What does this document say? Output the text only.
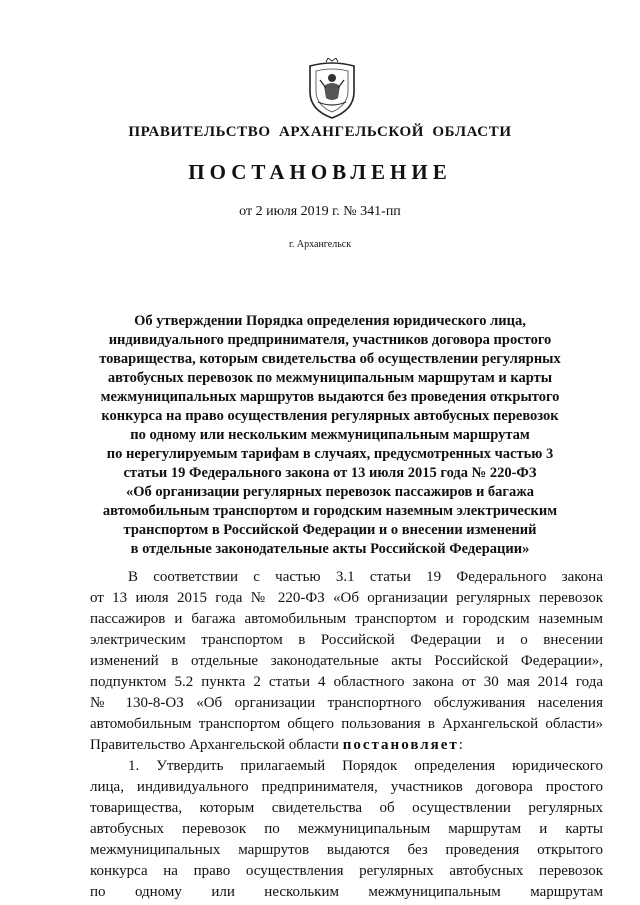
ПРАВИТЕЛЬСТВО АРХАНГЕЛЬСКОЙ ОБЛАСТИ
ПОСТАНОВЛЕНИЕ
от 2 июля 2019 г. № 341-пп
г. Архангельск
Об утверждении Порядка определения юридического лица,
индивидуального предпринимателя, участников договора простого
товарищества, которым свидетельства об осуществлении регулярных
автобусных перевозок по межмуниципальным маршрутам и карты
межмуниципальных маршрутов выдаются без проведения открытого
конкурса на право осуществления регулярных автобусных перевозок
по одному или нескольким межмуниципальным маршрутам
по нерегулируемым тарифам в случаях, предусмотренных частью 3
статьи 19 Федерального закона от 13 июля 2015 года № 220-ФЗ
«Об организации регулярных перевозок пассажиров и багажа
автомобильным транспортом и городским наземным электрическим
транспортом в Российской Федерации и о внесении изменений
в отдельные законодательные акты Российской Федерации»
В соответствии с частью 3.1 статьи 19 Федерального закона
от 13 июля 2015 года № 220-ФЗ «Об организации регулярных перевозок
пассажиров и багажа автомобильным транспортом и городским наземным
электрическим транспортом в Российской Федерации и о внесении
изменений в отдельные законодательные акты Российской Федерации»,
подпунктом 5.2 пункта 2 статьи 4 областного закона от 30 мая 2014 года
№ 130-8-ОЗ «Об организации транспортного обслуживания населения
автомобильным транспортом общего пользования в Архангельской области»
Правительство Архангельской области постановляет:
1. Утвердить прилагаемый Порядок определения юридического
лица, индивидуального предпринимателя, участников договора простого
товарищества, которым свидетельства об осуществлении регулярных
автобусных перевозок по межмуниципальным маршрутам и карты
межмуниципальных маршрутов выдаются без проведения открытого
конкурса на право осуществления регулярных автобусных перевозок
по одному или нескольким межмуниципальным маршрутам
